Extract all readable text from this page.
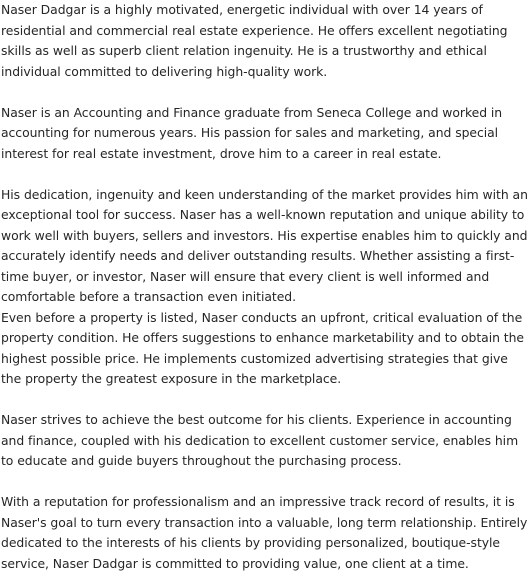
Naser Dadgar is a highly motivated, energetic individual with over 14 years of residential and commercial real estate experience. He offers excellent negotiating skills as well as superb client relation ingenuity. He is a trustworthy and ethical individual committed to delivering high-quality work.

Naser is an Accounting and Finance graduate from Seneca College and worked in accounting for numerous years. His passion for sales and marketing, and special interest for real estate investment, drove him to a career in real estate.

His dedication, ingenuity and keen understanding of the market provides him with an exceptional tool for success. Naser has a well-known reputation and unique ability to work well with buyers, sellers and investors. His expertise enables him to quickly and accurately identify needs and deliver outstanding results. Whether assisting a first-time buyer, or investor, Naser will ensure that every client is well informed and comfortable before a transaction even initiated.

Even before a property is listed, Naser conducts an upfront, critical evaluation of the property condition. He offers suggestions to enhance marketability and to obtain the highest possible price. He implements customized advertising strategies that give the property the greatest exposure in the marketplace.

Naser strives to achieve the best outcome for his clients. Experience in accounting and finance, coupled with his dedication to excellent customer service, enables him to educate and guide buyers throughout the purchasing process.

With a reputation for professionalism and an impressive track record of results, it is Naser's goal to turn every transaction into a valuable, long term relationship. Entirely dedicated to the interests of his clients by providing personalized, boutique-style service, Naser Dadgar is committed to providing value, one client at a time.
